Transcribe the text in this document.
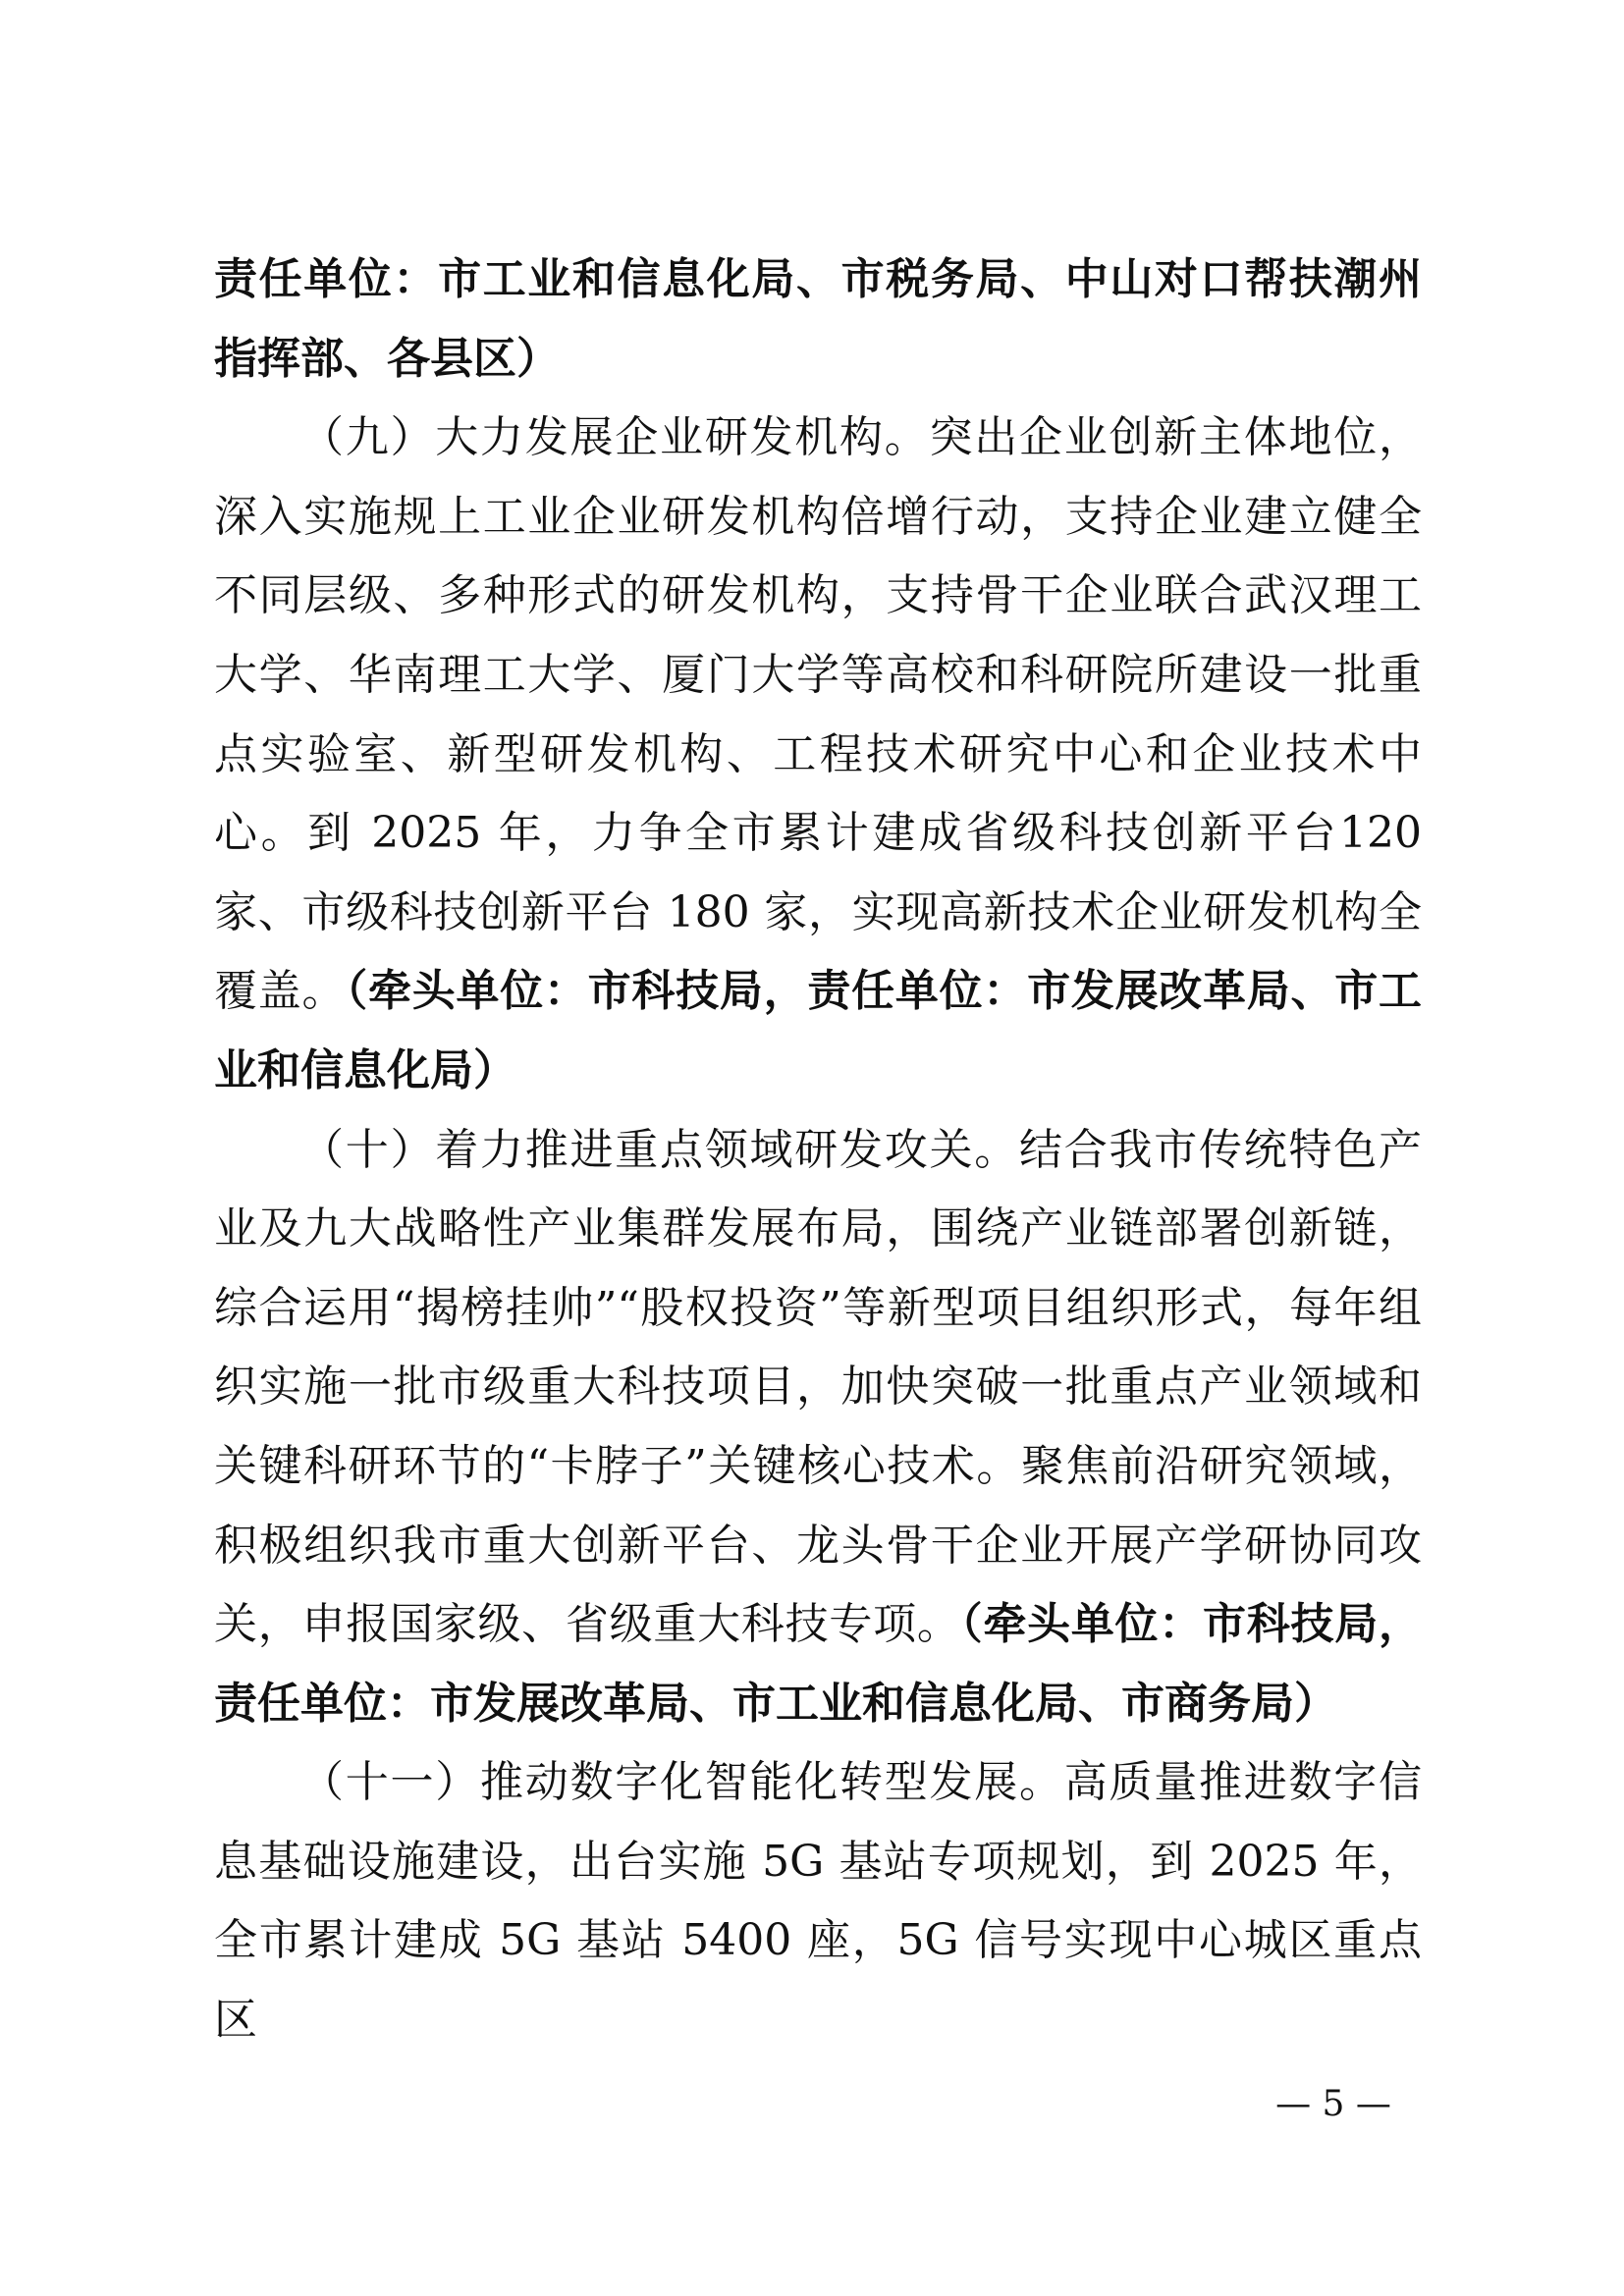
责任单位：市工业和信息化局、市税务局、中山对口帮扶潮州指挥部、各县区）

（九）大力发展企业研发机构。突出企业创新主体地位，深入实施规上工业企业研发机构倍增行动，支持企业建立健全不同层级、多种形式的研发机构，支持骨干企业联合武汉理工大学、华南理工大学、厦门大学等高校和科研院所建设一批重点实验室、新型研发机构、工程技术研究中心和企业技术中心。到 2025 年，力争全市累计建成省级科技创新平台120 家、市级科技创新平台 180 家，实现高新技术企业研发机构全覆盖。（牵头单位：市科技局，责任单位：市发展改革局、市工业和信息化局）

（十）着力推进重点领域研发攻关。结合我市传统特色产业及九大战略性产业集群发展布局，围绕产业链部署创新链，综合运用“揭榜挂帅”“股权投资”等新型项目组织形式，每年组织实施一批市级重大科技项目，加快突破一批重点产业领域和关键科研环节的“卡脖子”关键核心技术。聚焦前沿研究领域，积极组织我市重大创新平台、龙头骨干企业开展产学研协同攻关，申报国家级、省级重大科技专项。（牵头单位：市科技局，责任单位：市发展改革局、市工业和信息化局、市商务局）

（十一）推动数字化智能化转型发展。高质量推进数字信息基础设施建设，出台实施 5G 基站专项规划，到 2025 年，全市累计建成 5G 基站 5400 座，5G 信号实现中心城区重点区

— 5 —
